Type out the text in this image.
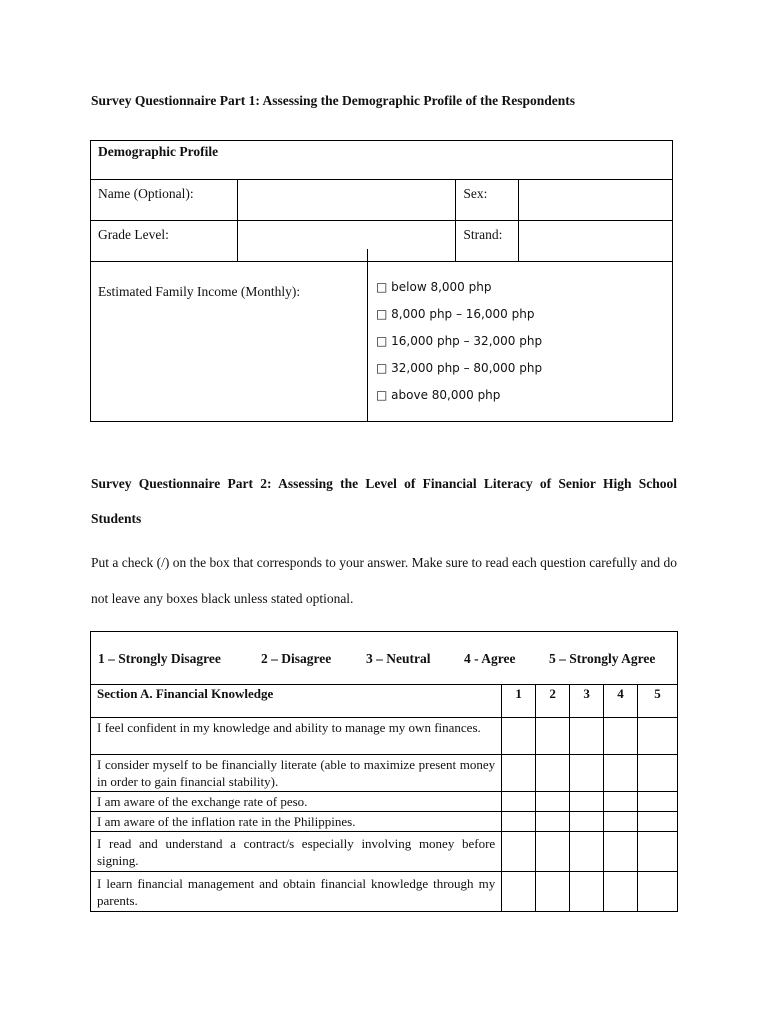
Survey Questionnaire Part 1: Assessing the Demographic Profile of the Respondents
Demographic Profile			
Name (Optional):		Sex:	
Grade Level:		Strand:	
Estimated Family Income (Monthly):	□ below 8,000 php
□ 8,000 php – 16,000 php
□ 16,000 php – 32,000 php
□ 32,000 php – 80,000 php
□ above 80,000 php
Survey Questionnaire Part 2: Assessing the Level of Financial Literacy of Senior High School Students
Put a check (/) on the box that corresponds to your answer. Make sure to read each question carefully and do not leave any boxes black unless stated optional.
1 – Strongly Disagree	2 – Disagree	3 – Neutral 4 - Agree 5 – Strongly Agree
Section A. Financial Knowledge	1	2	3	4	5
I feel confident in my knowledge and ability to manage my own finances.					
I consider myself to be financially literate (able to maximize present money in order to gain financial stability).					
I am aware of the exchange rate of peso.					
I am aware of the inflation rate in the Philippines.					
I read and understand a contract/s especially involving money before signing.					
I learn financial management and obtain financial knowledge through my parents.					
